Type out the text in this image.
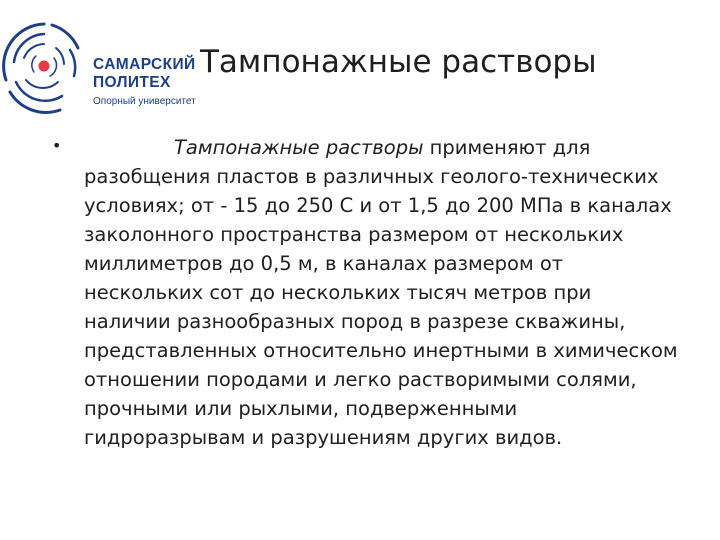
САМАРСКИЙ
ПОЛИТЕХ
Опорный университет
Тампонажные растворы
•	Тампонажные растворы применяют для разобщения пластов в различных геолого-технических условиях; от - 15 до 250 С и от 1,5 до 200 МПа в каналах заколонного пространства размером от нескольких миллиметров до 0,5 м, в каналах размером от нескольких сот до нескольких тысяч метров при наличии разнообразных пород в разрезе скважины, представленных относительно инертными в химическом отношении породами и легко растворимыми солями, прочными или рыхлыми, подверженными гидроразрывам и разрушениям других видов.
